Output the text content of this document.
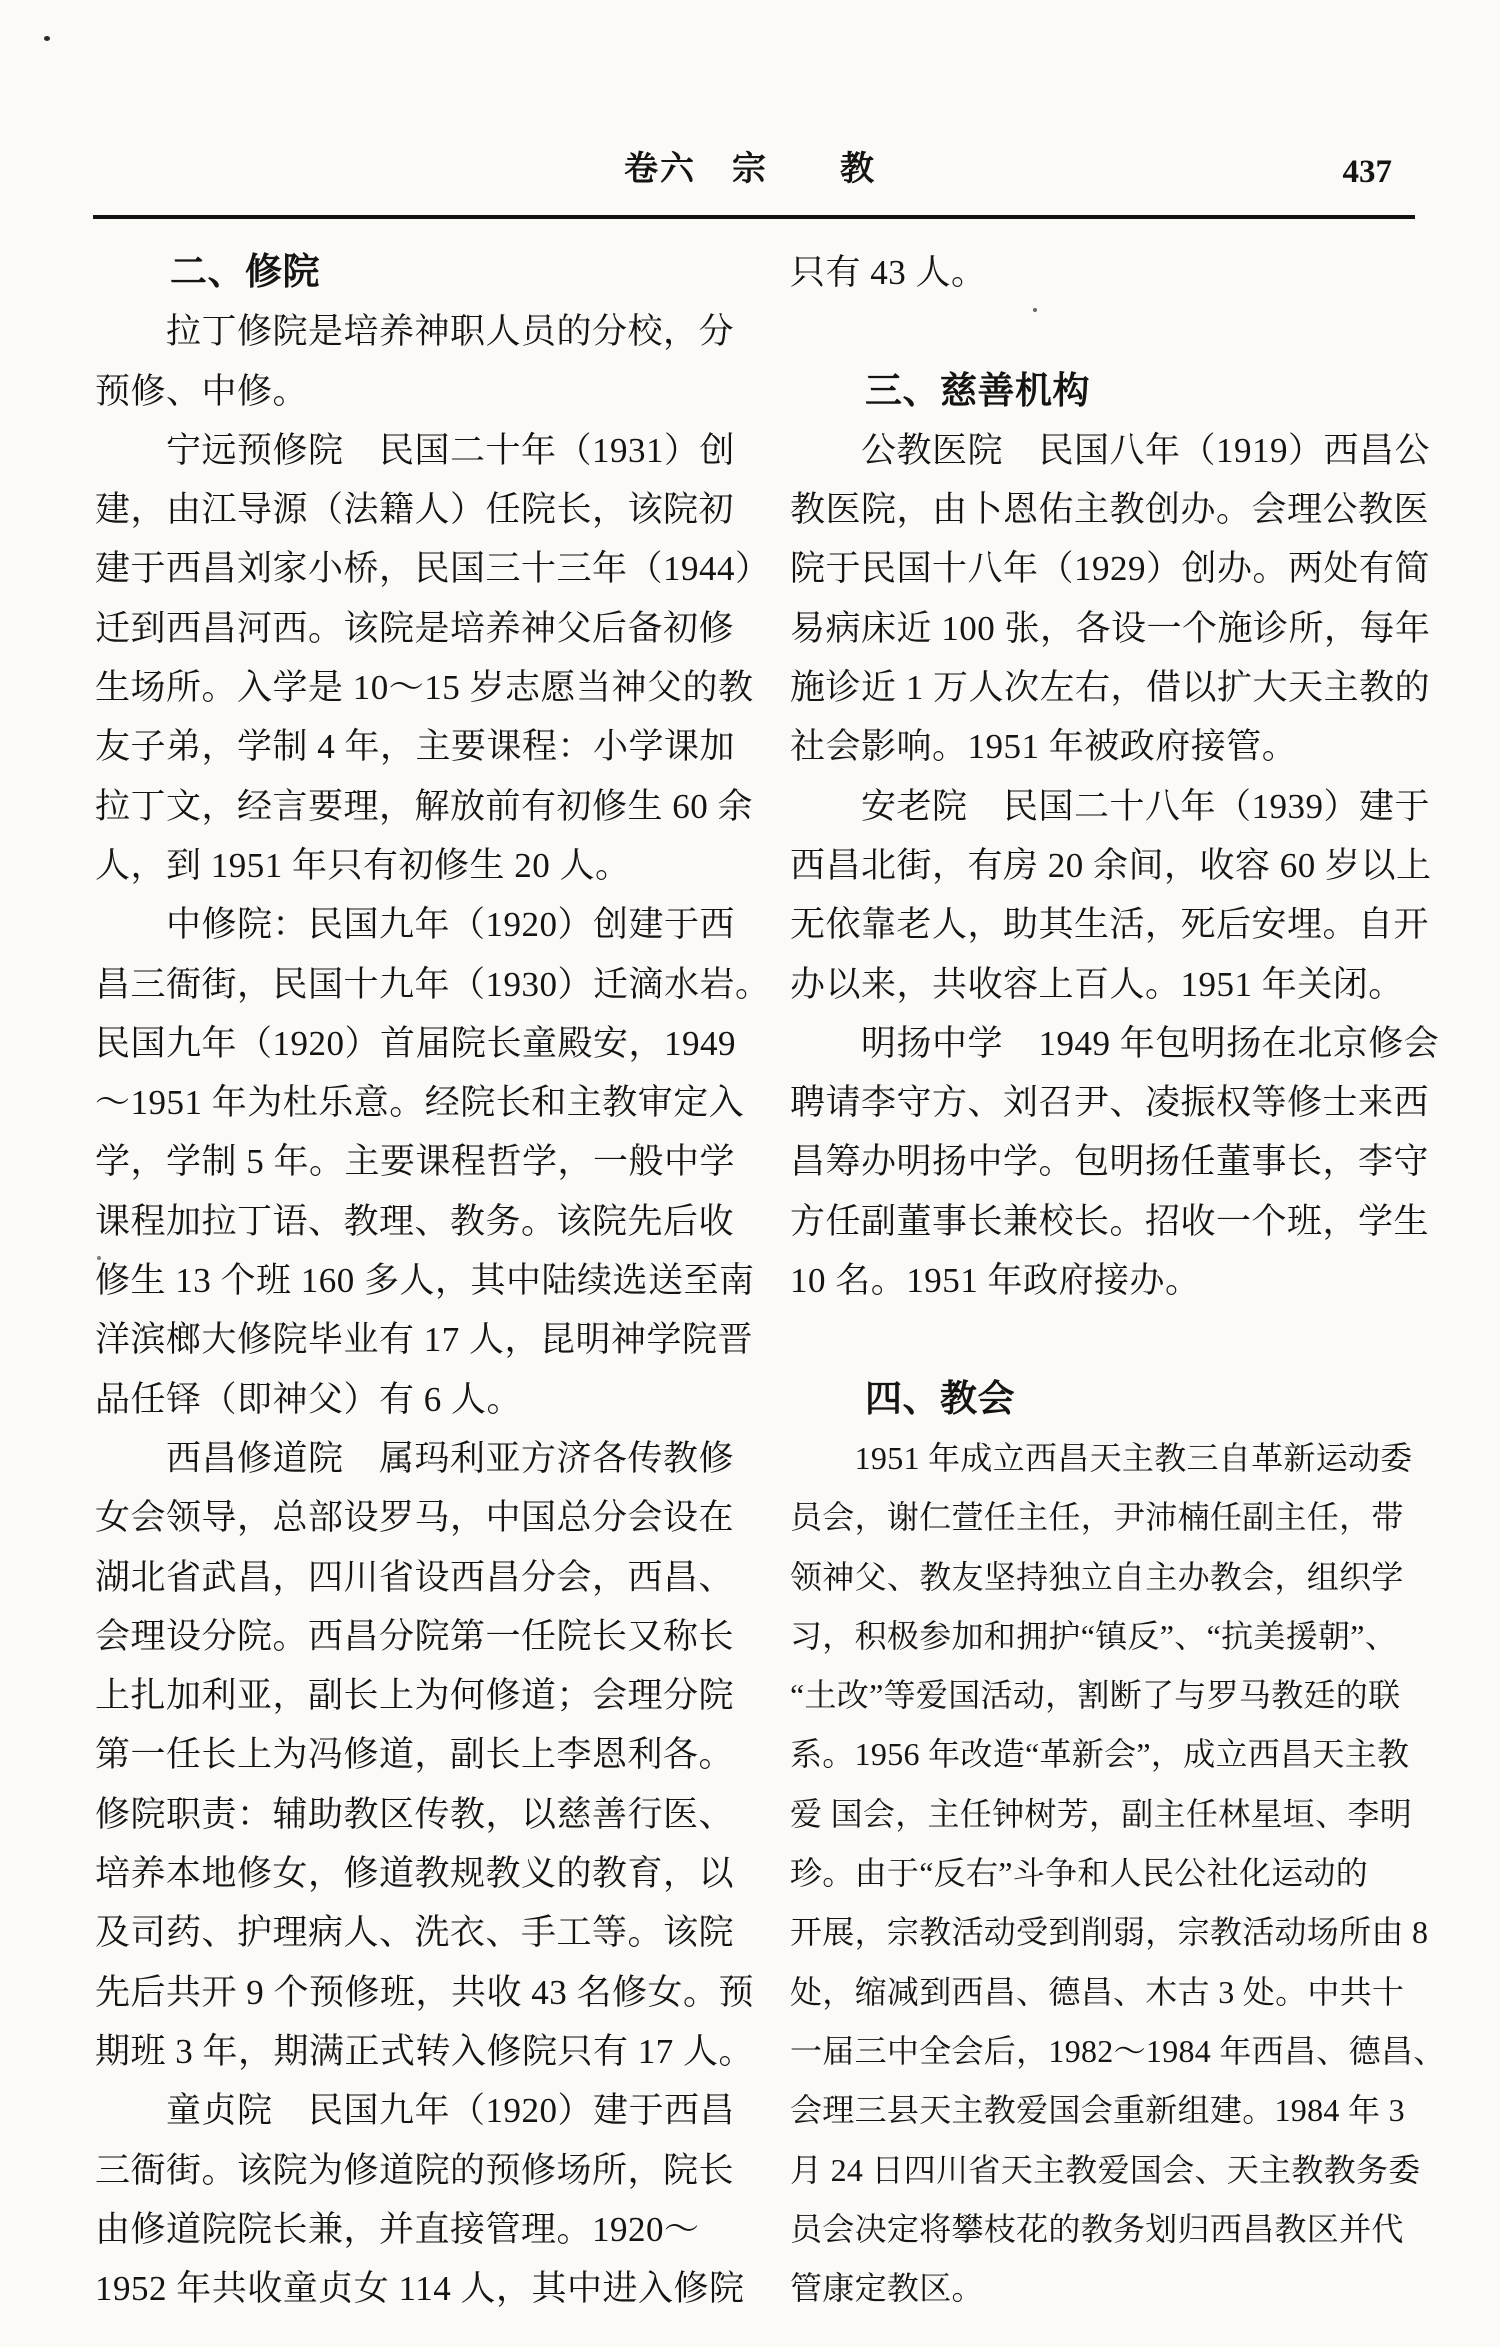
卷六　宗　　教	437
　　二、修院
　　拉丁修院是培养神职人员的分校，分
预修、中修。
　　宁远预修院　民国二十年（1931）创
建，由江导源（法籍人）任院长，该院初
建于西昌刘家小桥，民国三十三年（1944）
迁到西昌河西。该院是培养神父后备初修
生场所。入学是 10～15 岁志愿当神父的教
友子弟，学制 4 年，主要课程：小学课加
拉丁文，经言要理，解放前有初修生 60 余
人，到 1951 年只有初修生 20 人。
　　中修院：民国九年（1920）创建于西
昌三衙街，民国十九年（1930）迁滴水岩。
民国九年（1920）首届院长童殿安，1949
～1951 年为杜乐意。经院长和主教审定入
学，学制 5 年。主要课程哲学，一般中学
课程加拉丁语、教理、教务。该院先后收
修生 13 个班 160 多人，其中陆续选送至南
洋滨榔大修院毕业有 17 人，昆明神学院晋
品任铎（即神父）有 6 人。
　　西昌修道院　属玛利亚方济各传教修
女会领导，总部设罗马，中国总分会设在
湖北省武昌，四川省设西昌分会，西昌、
会理设分院。西昌分院第一任院长又称长
上扎加利亚，副长上为何修道；会理分院
第一任长上为冯修道，副长上李恩利各。
修院职责：辅助教区传教，以慈善行医、
培养本地修女，修道教规教义的教育，以
及司药、护理病人、洗衣、手工等。该院
先后共开 9 个预修班，共收 43 名修女。预
期班 3 年，期满正式转入修院只有 17 人。
　　童贞院　民国九年（1920）建于西昌
三衙街。该院为修道院的预修场所，院长
由修道院院长兼，并直接管理。1920～
1952 年共收童贞女 114 人，其中进入修院
只有 43 人。
　　三、慈善机构
　　公教医院　民国八年（1919）西昌公
教医院，由卜恩佑主教创办。会理公教医
院于民国十八年（1929）创办。两处有简
易病床近 100 张，各设一个施诊所，每年
施诊近 1 万人次左右，借以扩大天主教的
社会影响。1951 年被政府接管。
　　安老院　民国二十八年（1939）建于
西昌北街，有房 20 余间，收容 60 岁以上
无依靠老人，助其生活，死后安埋。自开
办以来，共收容上百人。1951 年关闭。
　　明扬中学　1949 年包明扬在北京修会
聘请李守方、刘召尹、凌振权等修士来西
昌筹办明扬中学。包明扬任董事长，李守
方任副董事长兼校长。招收一个班，学生
10 名。1951 年政府接办。
　　四、教会
　　1951 年成立西昌天主教三自革新运动委
员会，谢仁萱任主任，尹沛楠任副主任，带
领神父、教友坚持独立自主办教会，组织学
习，积极参加和拥护“镇反”、“抗美援朝”、
“土改”等爱国活动，割断了与罗马教廷的联
系。1956 年改造“革新会”，成立西昌天主教
爱 国会，主任钟树芳，副主任林星垣、李明
珍。由于“反右”斗争和人民公社化运动的
开展，宗教活动受到削弱，宗教活动场所由 8
处，缩减到西昌、德昌、木古 3 处。中共十
一届三中全会后，1982～1984 年西昌、德昌、
会理三县天主教爱国会重新组建。1984 年 3
月 24 日四川省天主教爱国会、天主教教务委
员会决定将攀枝花的教务划归西昌教区并代
管康定教区。
